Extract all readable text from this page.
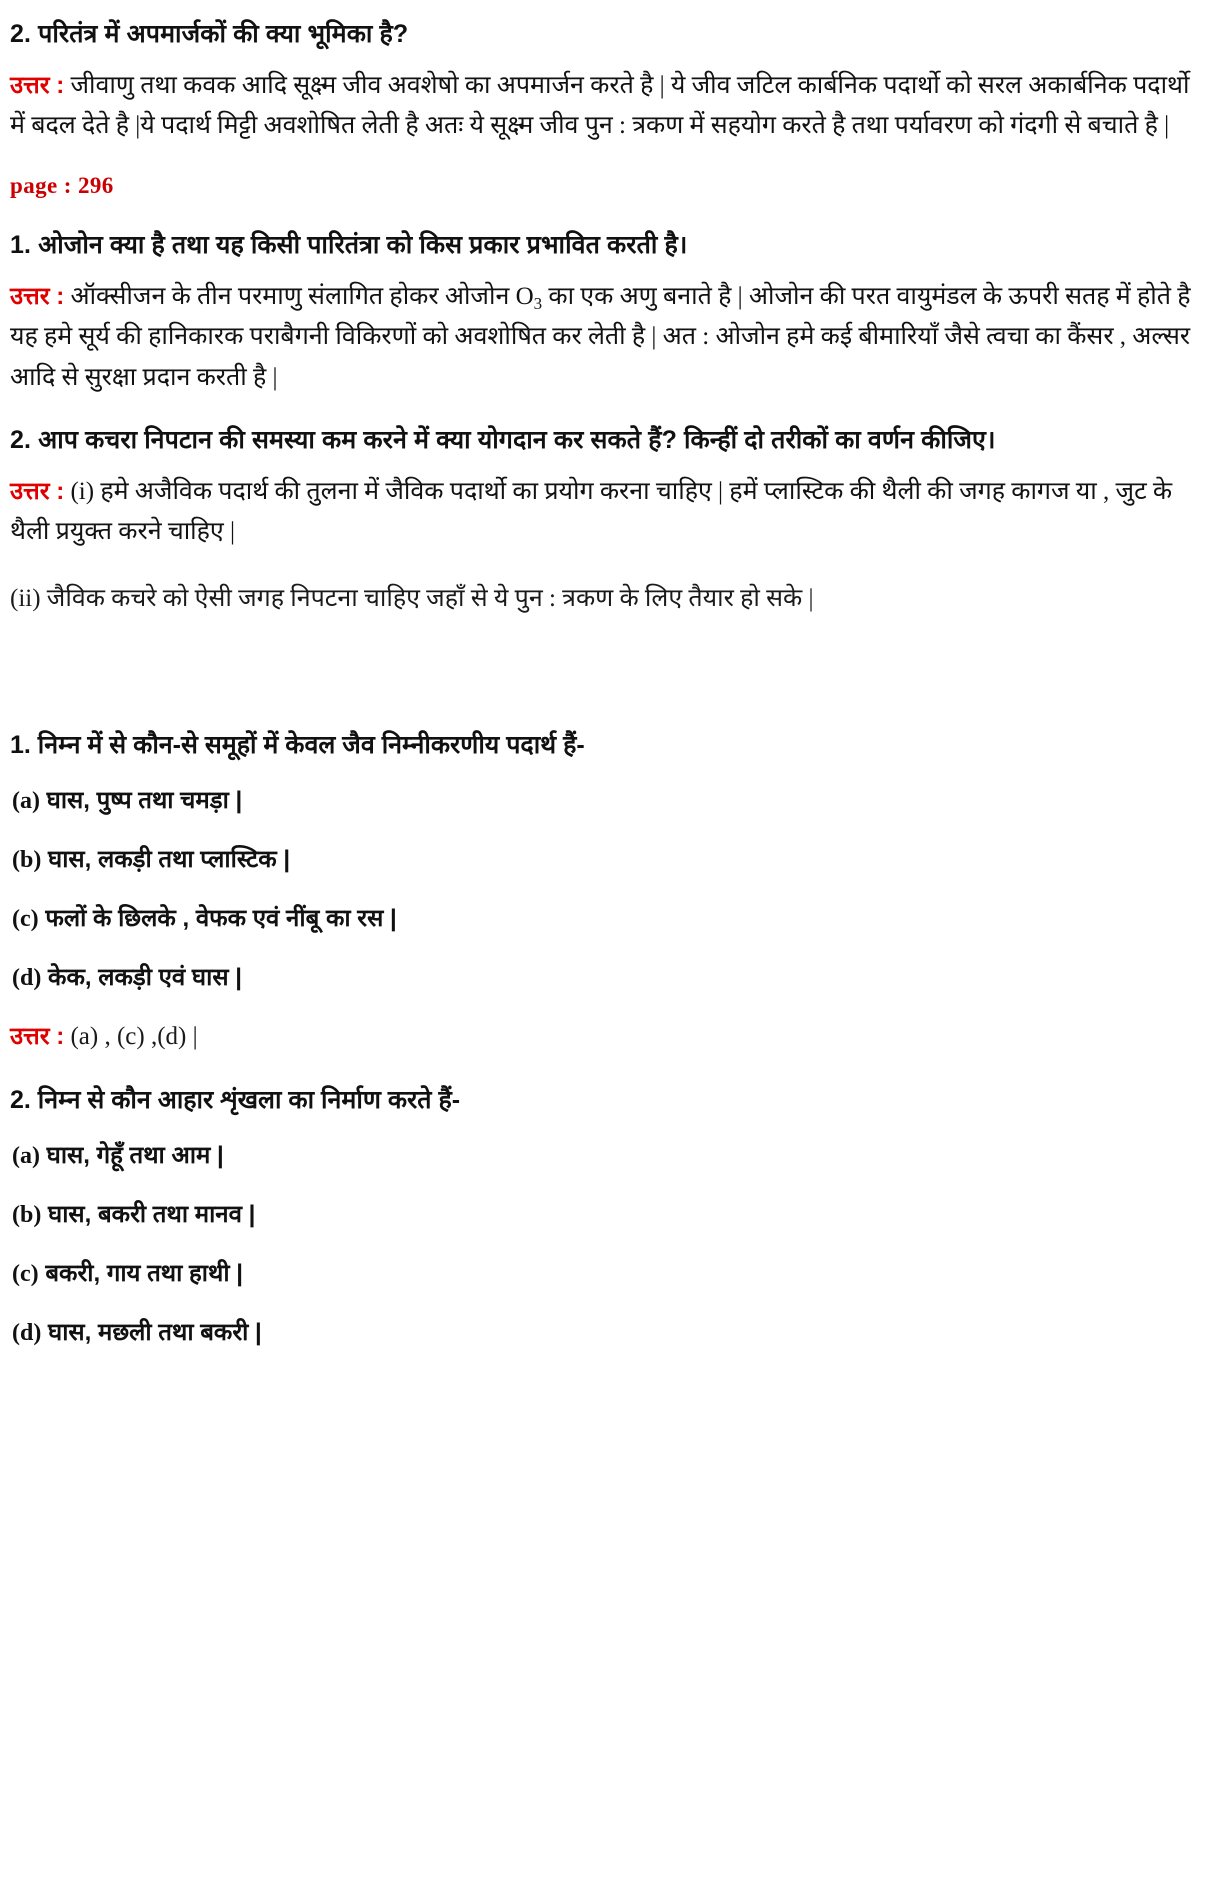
2. परितंत्र में अपमार्जकों की क्या भूमिका है?
उत्तर : जीवाणु तथा कवक आदि सूक्ष्म जीव अवशेषो का अपमार्जन करते है | ये जीव जटिल कार्बनिक पदार्थो को सरल अकार्बनिक पदार्थो में बदल देते है |ये पदार्थ मिट्टी अवशोषित लेती है अतः ये सूक्ष्म जीव पुन : त्रकण में सहयोग करते है तथा पर्यावरण को गंदगी से बचाते है |
page : 296
1. ओजोन क्या है तथा यह किसी पारितंत्रा को किस प्रकार प्रभावित करती है।
उत्तर : ऑक्सीजन के तीन परमाणु संलागित होकर ओजोन $O_3$ का एक अणु बनाते है | ओजोन की परत वायुमंडल के ऊपरी सतह में होते है यह हमे सूर्य की हानिकारक पराबैगनी विकिरणों को अवशोषित कर लेती है | अत : ओजोन हमे कई बीमारियाँ जैसे त्वचा का कैंसर , अल्सर आदि से सुरक्षा प्रदान करती है |
2. आप कचरा निपटान की समस्या कम करने में क्या योगदान कर सकते हैं? किन्हीं दो तरीकों का वर्णन कीजिए।
उत्तर : (i) हमे अजैविक पदार्थ की तुलना में जैविक पदार्थो का प्रयोग करना चाहिए | हमें प्लास्टिक की थैली की जगह कागज या , जुट के थैली प्रयुक्त करने चाहिए |
(ii) जैविक कचरे को ऐसी जगह निपटना चाहिए जहाँ से ये पुन : त्रकण के लिए तैयार हो सके |
1. निम्न में से कौन-से समूहों में केवल जैव निम्नीकरणीय पदार्थ हैं-
(a) घास, पुष्प तथा चमड़ा |
(b) घास, लकड़ी तथा प्लास्टिक |
(c) फलों के छिलके , वेफक एवं नींबू का रस |
(d) केक, लकड़ी एवं घास |
उत्तर : (a) , (c) ,(d) |
2. निम्न से कौन आहार शृंखला का निर्माण करते हैं-
(a) घास, गेहूँ तथा आम |
(b) घास, बकरी तथा मानव |
(c) बकरी, गाय तथा हाथी |
(d) घास, मछली तथा बकरी |
